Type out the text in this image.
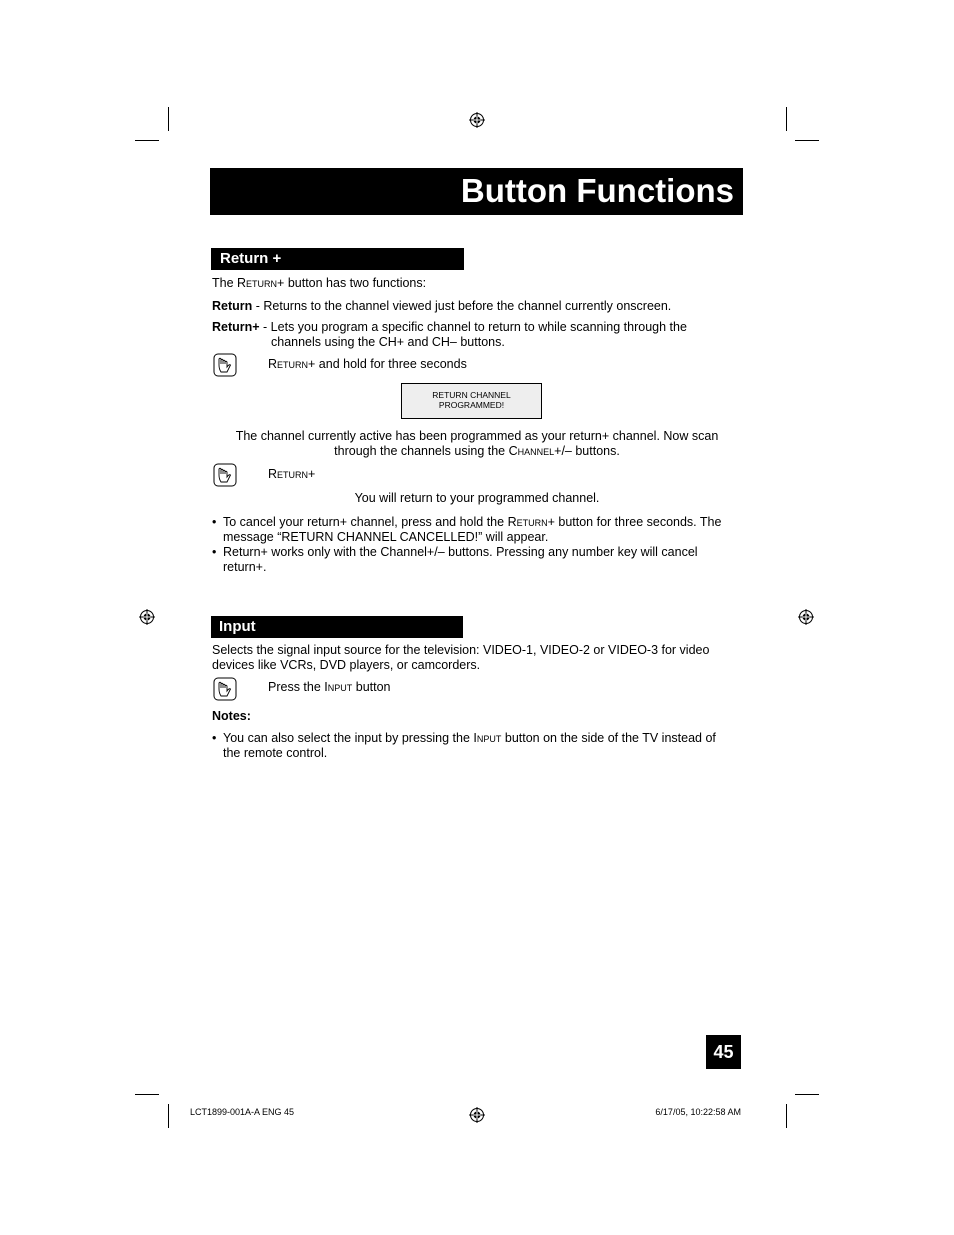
Button Functions
Return +
The Return+ button has two functions:
Return - Returns to the channel viewed just before the channel currently onscreen.
Return+ - Lets you program a specific channel to return to while scanning through the
channels using the CH+ and CH– buttons.
Return+ and hold for three seconds
RETURN CHANNEL
PROGRAMMED!
The channel currently active has been programmed as your return+ channel. Now scan
through the channels using the Channel+/– buttons.
Return+
You will return to your programmed channel.
• To cancel your return+ channel, press and hold the Return+ button for three seconds. The
message “RETURN CHANNEL CANCELLED!” will appear.
• Return+ works only with the Channel+/– buttons. Pressing any number key will cancel
return+.
Input
Selects the signal input source for the television: VIDEO-1, VIDEO-2 or VIDEO-3 for video
devices like VCRs, DVD players, or camcorders.
Press the Input button
Notes:
• You can also select the input by pressing the Input button on the side of the TV instead of
the remote control.
45
LCT1899-001A-A ENG 45	6/17/05, 10:22:58 AM
